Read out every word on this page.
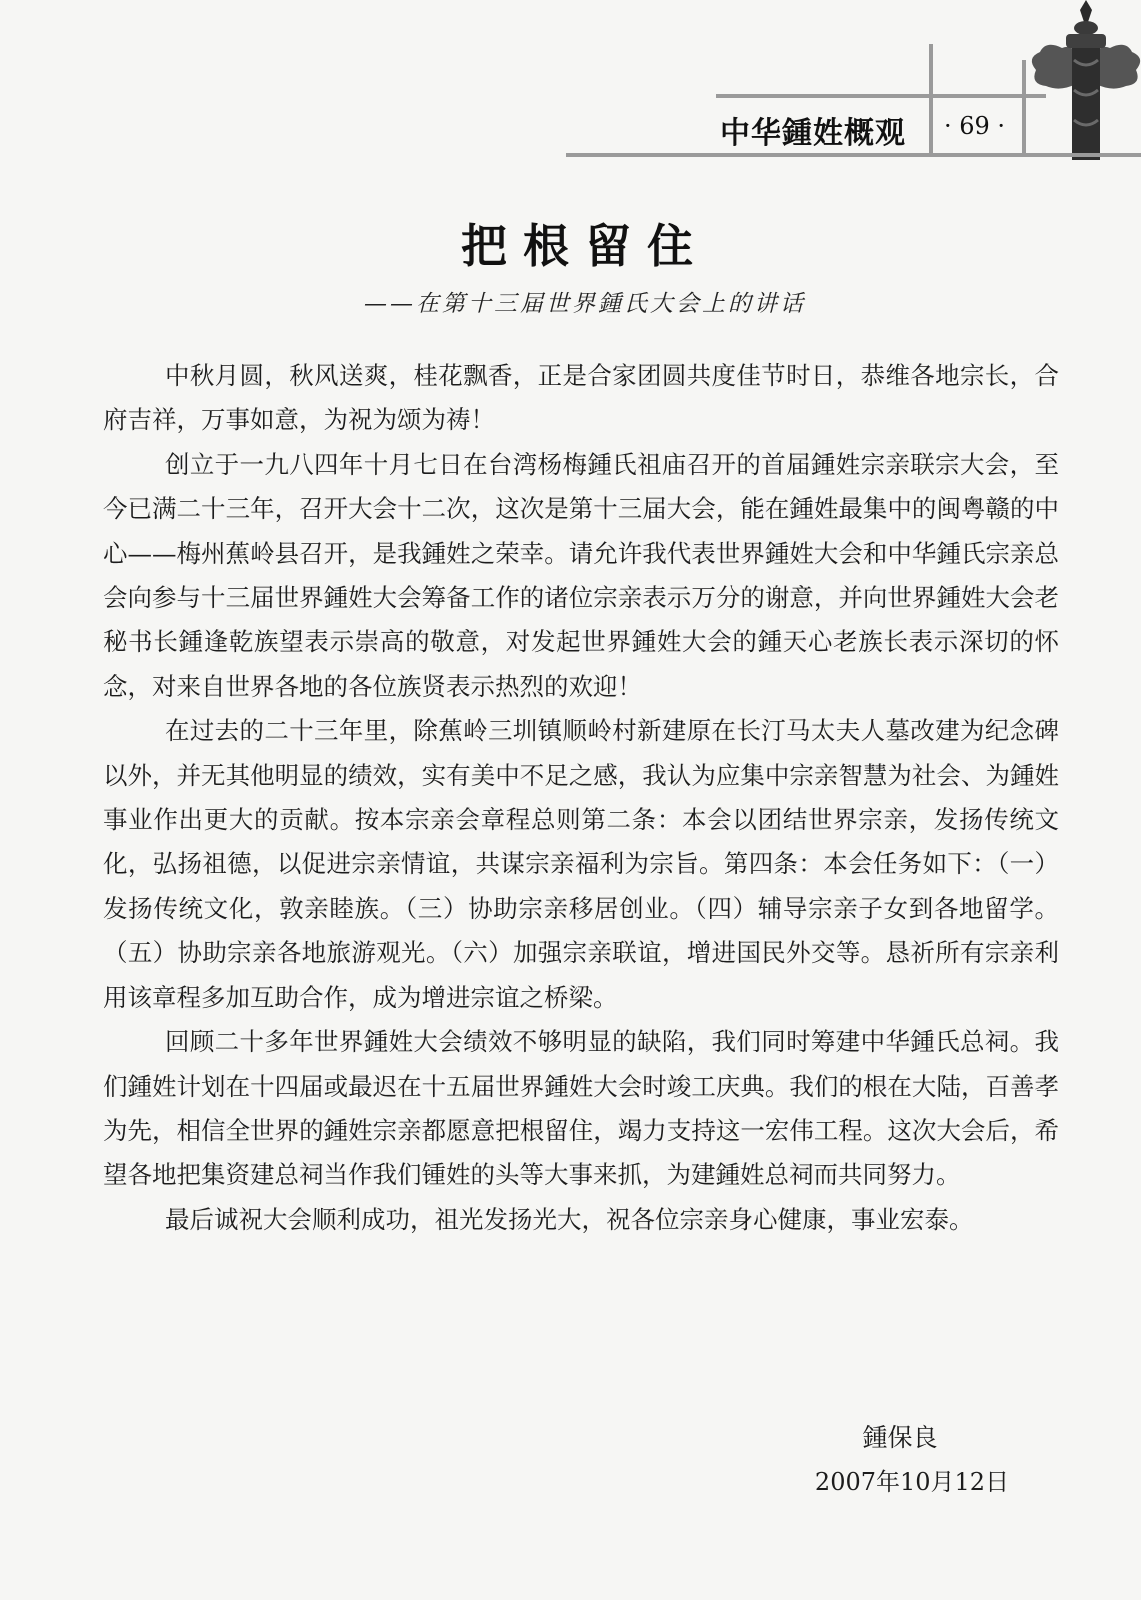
中华鍾姓概观 · 69 ·
把根留住
——在第十三届世界鍾氏大会上的讲话

中秋月圆，秋风送爽，桂花飘香，正是合家团圆共度佳节时日，恭维各地宗长，合府吉祥，万事如意，为祝为颂为祷！

创立于一九八四年十月七日在台湾杨梅鍾氏祖庙召开的首届鍾姓宗亲联宗大会，至今已满二十三年，召开大会十二次，这次是第十三届大会，能在鍾姓最集中的闽粤赣的中心——梅州蕉岭县召开，是我鍾姓之荣幸。请允许我代表世界鍾姓大会和中华鍾氏宗亲总会向参与十三届世界鍾姓大会筹备工作的诸位宗亲表示万分的谢意，并向世界鍾姓大会老秘书长鍾逢乾族望表示崇高的敬意，对发起世界鍾姓大会的鍾天心老族长表示深切的怀念，对来自世界各地的各位族贤表示热烈的欢迎！

在过去的二十三年里，除蕉岭三圳镇顺岭村新建原在长汀马太夫人墓改建为纪念碑以外，并无其他明显的绩效，实有美中不足之感，我认为应集中宗亲智慧为社会、为鍾姓事业作出更大的贡献。按本宗亲会章程总则第二条：本会以团结世界宗亲，发扬传统文化，弘扬祖德，以促进宗亲情谊，共谋宗亲福利为宗旨。第四条：本会任务如下：（一）发扬传统文化，敦亲睦族。（三）协助宗亲移居创业。（四）辅导宗亲子女到各地留学。（五）协助宗亲各地旅游观光。（六）加强宗亲联谊，增进国民外交等。恳祈所有宗亲利用该章程多加互助合作，成为增进宗谊之桥梁。

回顾二十多年世界鍾姓大会绩效不够明显的缺陷，我们同时筹建中华鍾氏总祠。我们鍾姓计划在十四届或最迟在十五届世界鍾姓大会时竣工庆典。我们的根在大陆，百善孝为先，相信全世界的鍾姓宗亲都愿意把根留住，竭力支持这一宏伟工程。这次大会后，希望各地把集资建总祠当作我们锺姓的头等大事来抓，为建鍾姓总祠而共同努力。

最后诚祝大会顺利成功，祖光发扬光大，祝各位宗亲身心健康，事业宏泰。

鍾保良
2007年10月12日
